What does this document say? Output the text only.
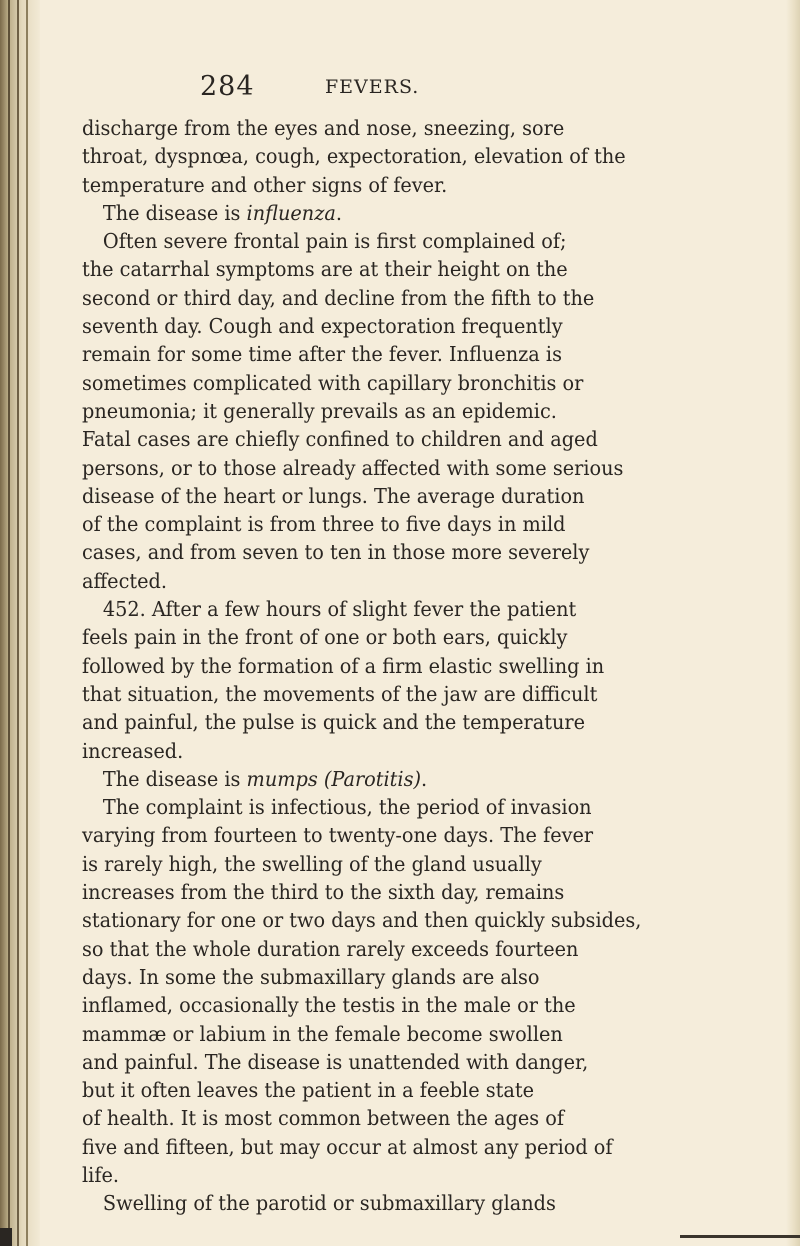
284	FEVERS.
discharge from the eyes and nose, sneezing, sore
throat, dyspnœa, cough, expectoration, elevation of the
temperature and other signs of fever.
The disease is influenza.
Often severe frontal pain is first complained of;
the catarrhal symptoms are at their height on the
second or third day, and decline from the fifth to the
seventh day. Cough and expectoration frequently
remain for some time after the fever. Influenza is
sometimes complicated with capillary bronchitis or
pneumonia; it generally prevails as an epidemic.
Fatal cases are chiefly confined to children and aged
persons, or to those already affected with some serious
disease of the heart or lungs. The average duration
of the complaint is from three to five days in mild
cases, and from seven to ten in those more severely
affected.
452. After a few hours of slight fever the patient
feels pain in the front of one or both ears, quickly
followed by the formation of a firm elastic swelling in
that situation, the movements of the jaw are difficult
and painful, the pulse is quick and the temperature
increased.
The disease is mumps (Parotitis).
The complaint is infectious, the period of invasion
varying from fourteen to twenty-one days. The fever
is rarely high, the swelling of the gland usually
increases from the third to the sixth day, remains
stationary for one or two days and then quickly subsides,
so that the whole duration rarely exceeds fourteen
days. In some the submaxillary glands are also
inflamed, occasionally the testis in the male or the
mammæ or labium in the female become swollen
and painful. The disease is unattended with danger,
but it often leaves the patient in a feeble state
of health. It is most common between the ages of
five and fifteen, but may occur at almost any period of
life.
Swelling of the parotid or submaxillary glands
